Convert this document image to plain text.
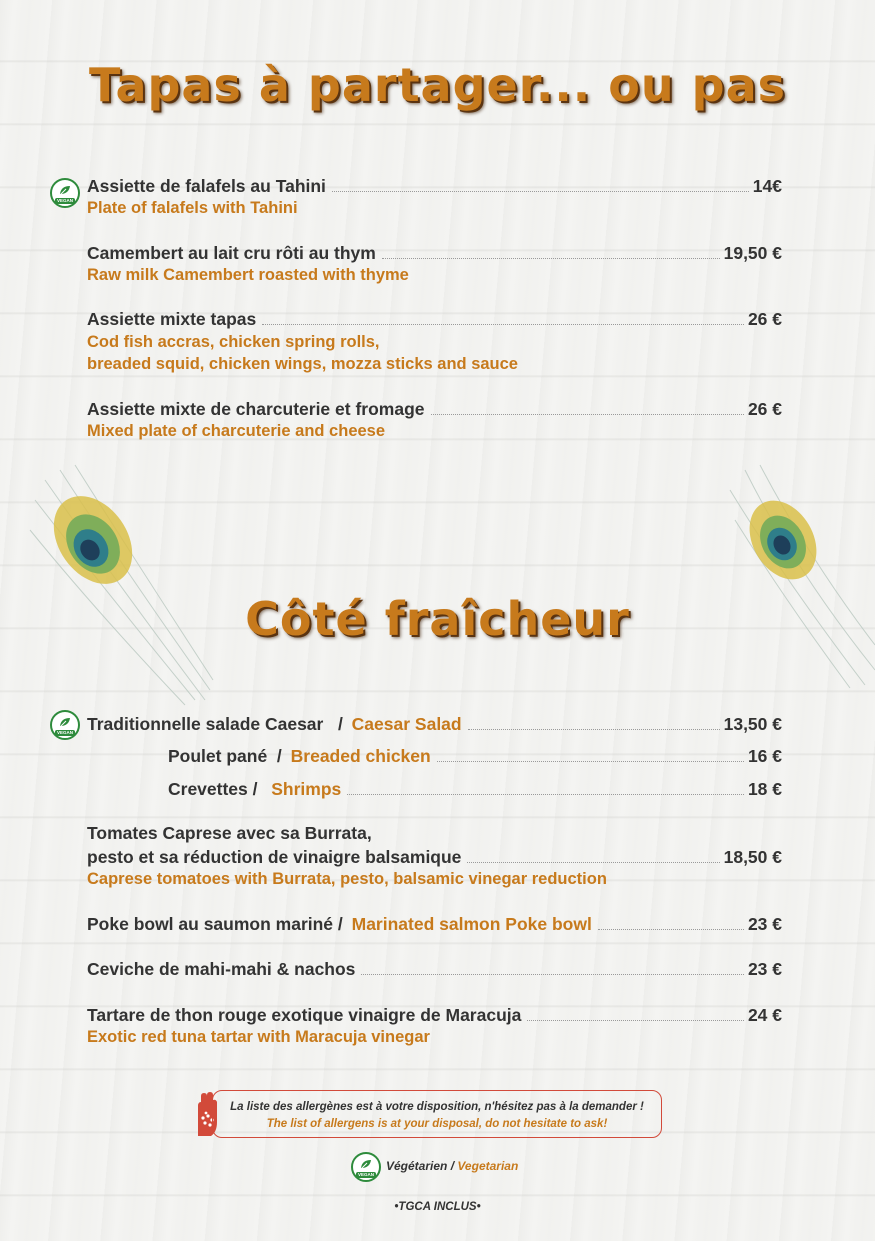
Tapas à partager... ou pas
VEGAN
Assiette de falafels au Tahini	14€
Plate of falafels with Tahini
Camembert au lait cru rôti au thym	19,50 €
Raw milk Camembert roasted with thyme
Assiette mixte tapas	26 €
Cod fish accras, chicken spring rolls,
breaded squid, chicken wings, mozza sticks and sauce
Assiette mixte de charcuterie et fromage	26 €
Mixed plate of charcuterie and cheese
Côté fraîcheur
VEGAN Traditionnelle salade Caesar   / Caesar Salad	13,50 €
Poulet pané  / Breaded chicken	16 €
Crevettes / Shrimps	18 €
Tomates Caprese avec sa Burrata,
pesto et sa réduction de vinaigre balsamique	18,50 €
Caprese tomatoes with Burrata, pesto, balsamic vinegar reduction
Poke bowl au saumon mariné / Marinated salmon Poke bowl	23 €
Ceviche de mahi-mahi & nachos	23 €
Tartare de thon rouge exotique vinaigre de Maracuja	24 €
Exotic red tuna tartar with Maracuja vinegar
La liste des allergènes est à votre disposition, n'hésitez pas à la demander !
The list of allergens is at your disposal, do not hesitate to ask!
VEGAN
Végétarien / Vegetarian
•TGCA INCLUS•
